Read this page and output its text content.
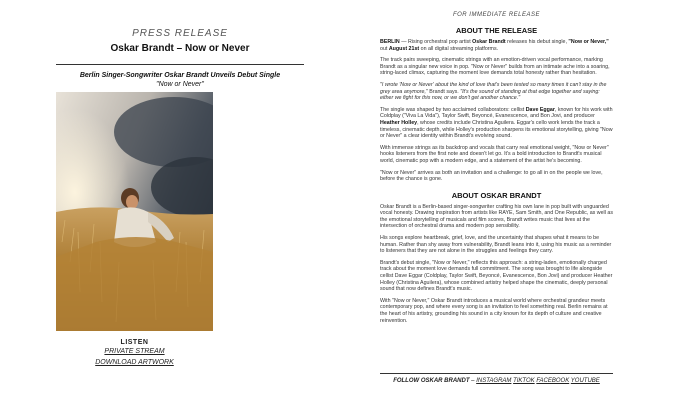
PRESS RELEASE
Oskar Brandt – Now or Never
Berlin Singer-Songwriter Oskar Brandt Unveils Debut Single
"Now or Never"
LISTEN
PRIVATE STREAM
DOWNLOAD ARTWORK
FOR IMMEDIATE RELEASE
ABOUT THE RELEASE

BERLIN — Rising orchestral pop artist Oskar Brandt releases his debut single, "Now or Never," out August 21st on all digital streaming platforms.

The track pairs sweeping, cinematic strings with an emotion-driven vocal performance, marking Brandt as a singular new voice in pop. "Now or Never" builds from an intimate ache into a soaring, string-laced climax, capturing the moment love demands total honesty rather than hesitation.

"I wrote 'Now or Never' about the kind of love that's been tested so many times it can't stay in the grey area anymore," Brandt says. "It's the sound of standing at that edge together and saying: either we fight for this now, or we don't get another chance."

The single was shaped by two acclaimed collaborators: cellist Dave Eggar, known for his work with Coldplay ("Viva La Vida"), Taylor Swift, Beyoncé, Evanescence, and Bon Jovi, and producer Heather Holley, whose credits include Christina Aguilera. Eggar's cello work lends the track a timeless, cinematic depth, while Holley's production sharpens its emotional storytelling, giving "Now or Never" a clear identity within Brandt's evolving sound.

With immense strings as its backdrop and vocals that carry real emotional weight, "Now or Never" hooks listeners from the first note and doesn't let go. It's a bold introduction to Brandt's musical world, cinematic pop with a modern edge, and a statement of the artist he's becoming.

"Now or Never" arrives as both an invitation and a challenge: to go all in on the people we love, before the chance is gone.

ABOUT OSKAR BRANDT

Oskar Brandt is a Berlin-based singer-songwriter crafting his own lane in pop built with unguarded vocal honesty. Drawing inspiration from artists like RAYE, Sam Smith, and One Republic, as well as the emotional storytelling of musicals and film scores, Brandt writes music that lives at the intersection of orchestral drama and modern pop sensibility.

His songs explore heartbreak, grief, love, and the uncertainty that shapes what it means to be human. Rather than shy away from vulnerability, Brandt leans into it, using his music as a reminder to listeners that they are not alone in the struggles and feelings they carry.

Brandt's debut single, "Now or Never," reflects this approach: a string-laden, emotionally charged track about the moment love demands full commitment. The song was brought to life alongside cellist Dave Eggar (Coldplay, Taylor Swift, Beyoncé, Evanescence, Bon Jovi) and producer Heather Holley (Christina Aguilera), whose combined artistry helped shape the cinematic, deeply personal sound that now defines Brandt's music.

With "Now or Never," Oskar Brandt introduces a musical world where orchestral grandeur meets contemporary pop, and where every song is an invitation to feel something real. Berlin remains at the heart of his artistry, grounding his sound in a city known for its depth of culture and creative reinvention.

FOLLOW OSKAR BRANDT – INSTAGRAM TIKTOK FACEBOOK YOUTUBE
